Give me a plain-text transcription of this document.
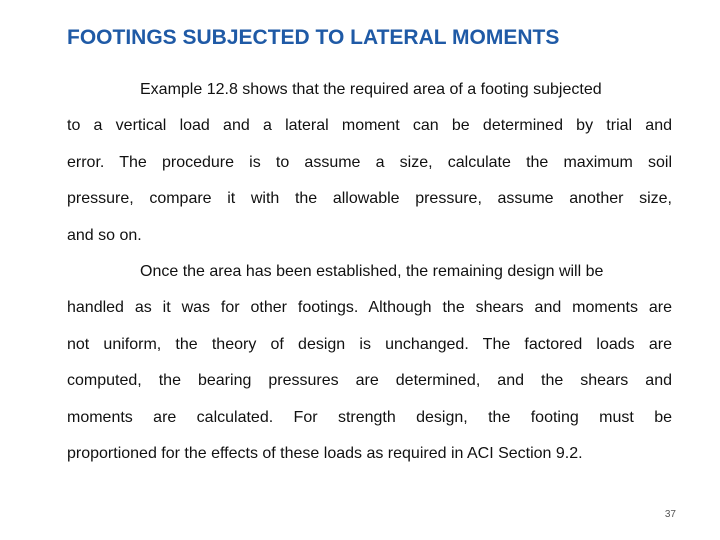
FOOTINGS SUBJECTED TO LATERAL MOMENTS
Example 12.8 shows that the required area of a footing subjected
to a vertical load and a lateral moment can be determined by trial and
error. The procedure is to assume a size, calculate the maximum soil
pressure, compare it with the allowable pressure, assume another size,
and so on.
Once the area has been established, the remaining design will be
handled as it was for other footings. Although the shears and moments are
not uniform, the theory of design is unchanged. The factored loads are
computed, the bearing pressures are determined, and the shears and
moments are calculated. For strength design, the footing must be
proportioned for the effects of these loads as required in ACI Section 9.2.
37
